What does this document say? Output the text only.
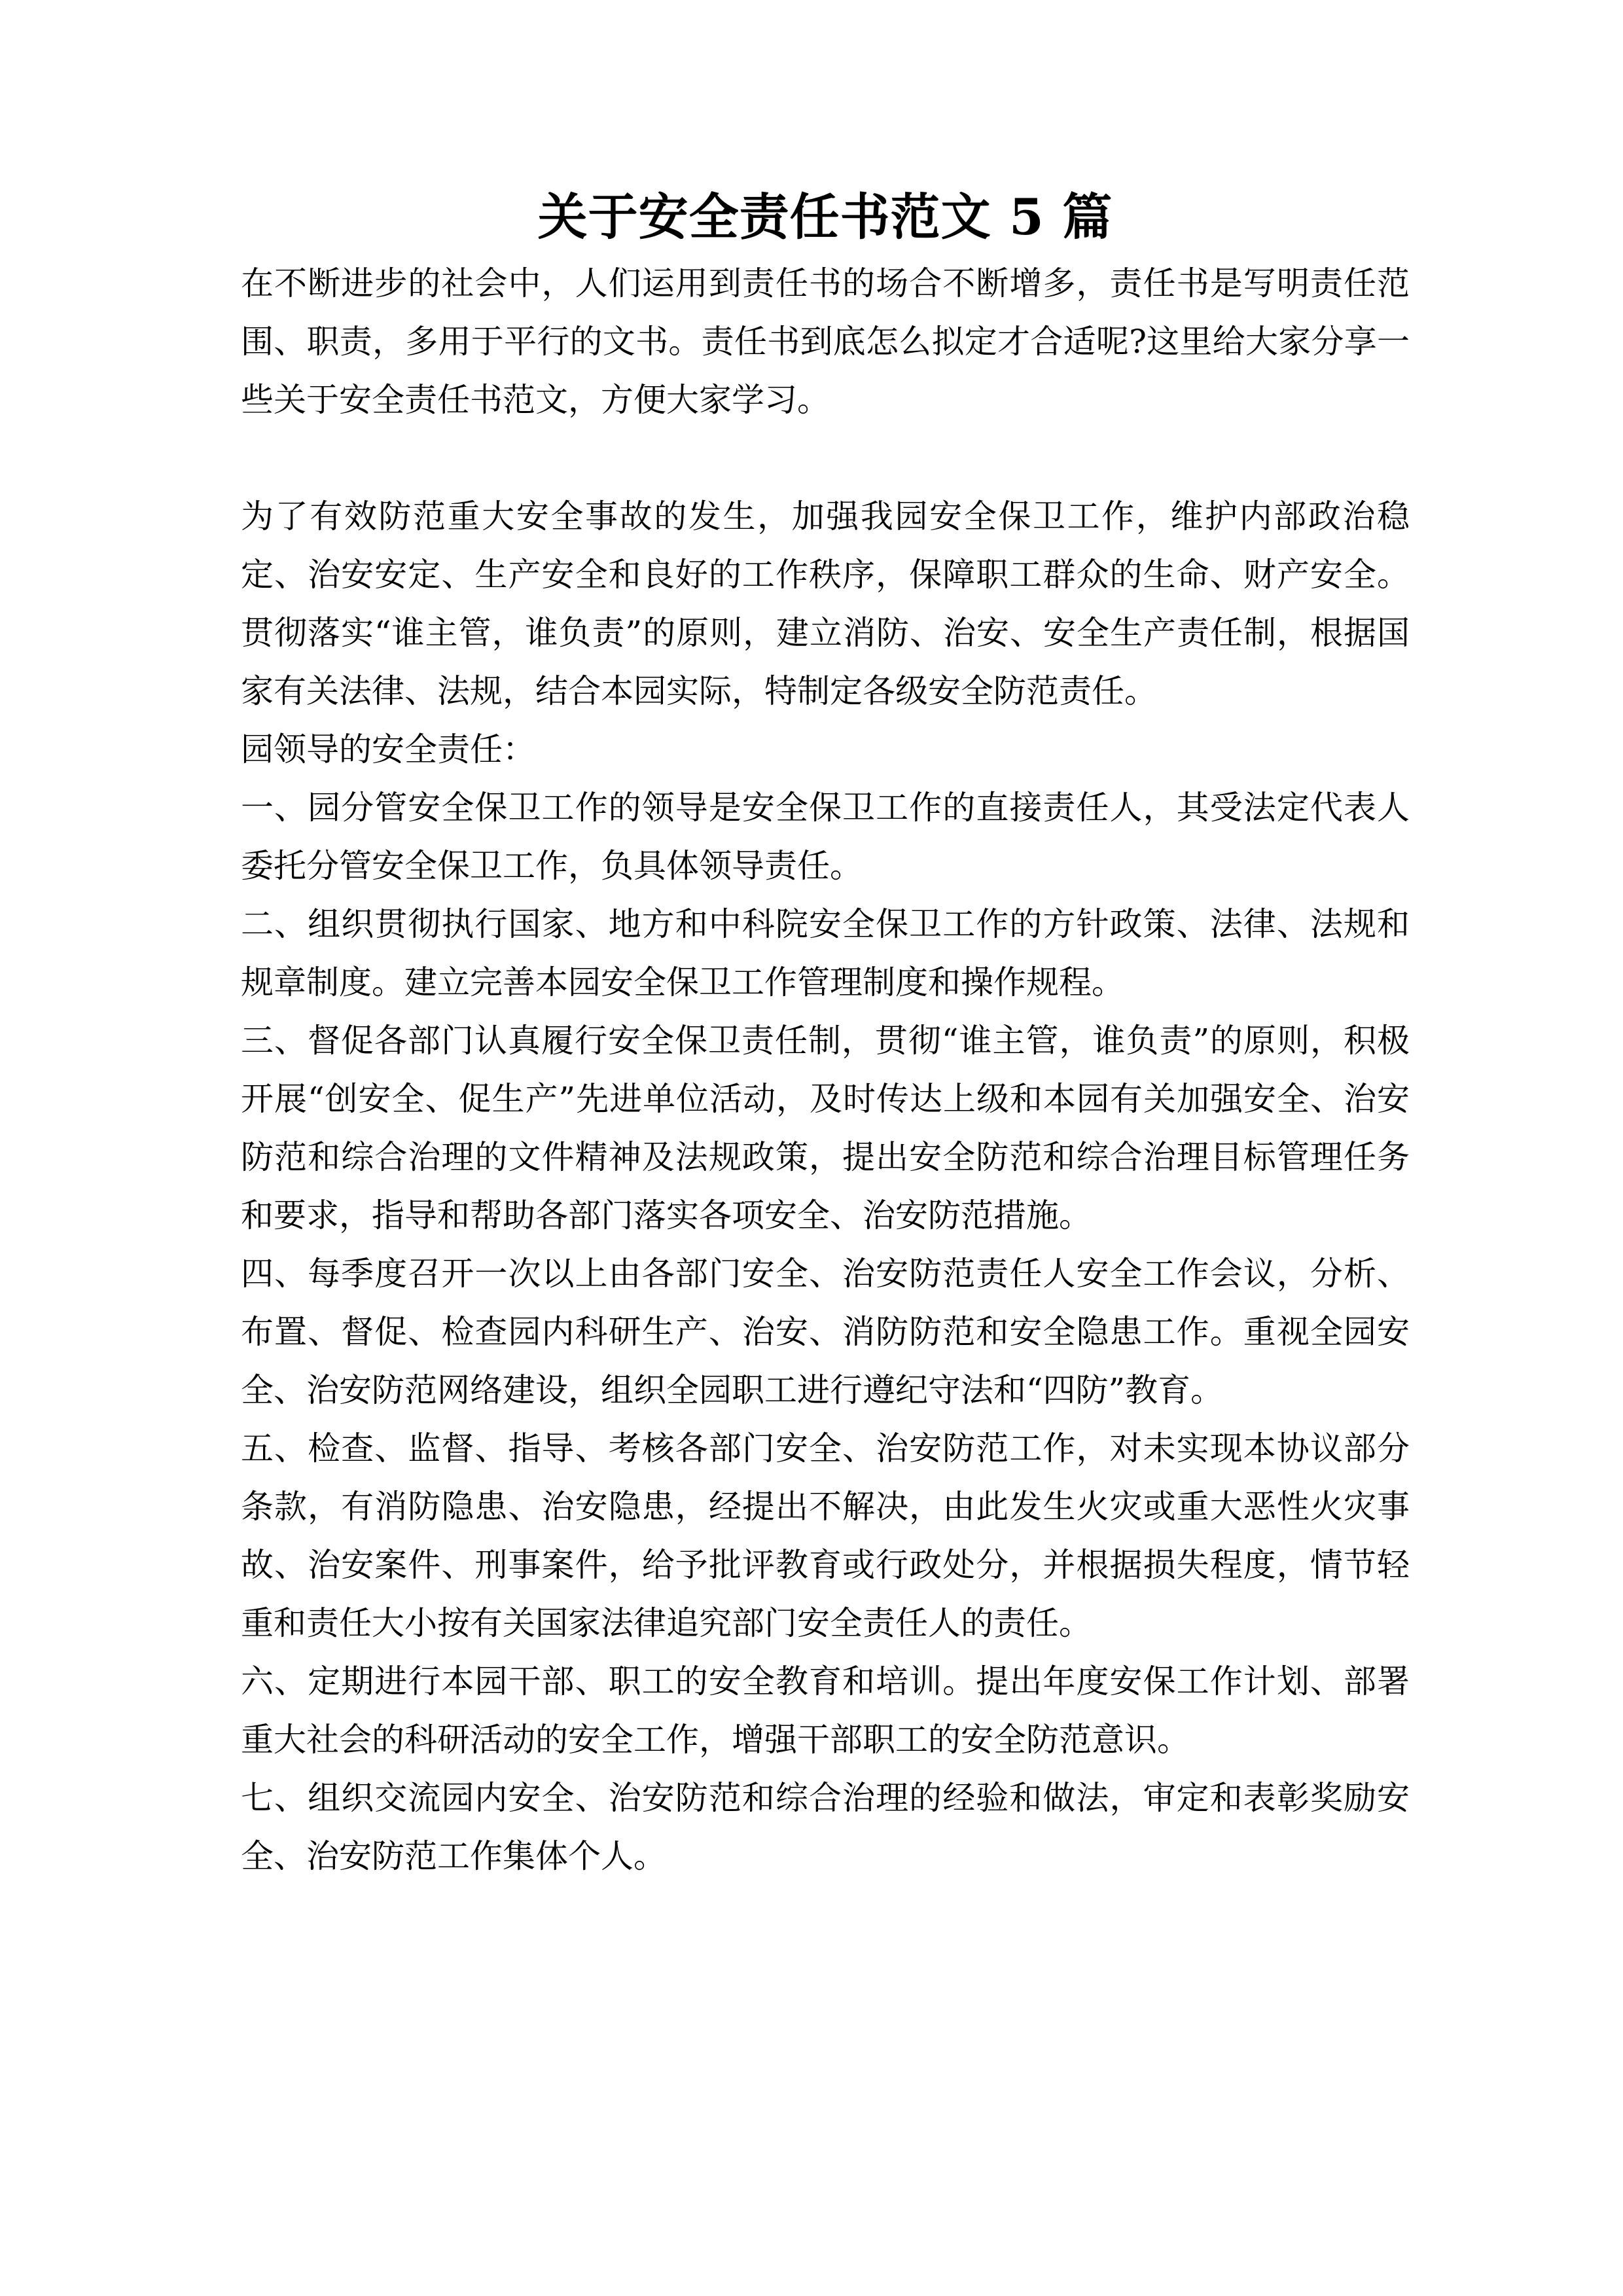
关于安全责任书范文 5 篇

在不断进步的社会中，人们运用到责任书的场合不断增多，责任书是写明责任范围、职责，多用于平行的文书。责任书到底怎么拟定才合适呢?这里给大家分享一些关于安全责任书范文，方便大家学习。

为了有效防范重大安全事故的发生，加强我园安全保卫工作，维护内部政治稳定、治安安定、生产安全和良好的工作秩序，保障职工群众的生命、财产安全。贯彻落实“谁主管，谁负责”的原则，建立消防、治安、安全生产责任制，根据国家有关法律、法规，结合本园实际，特制定各级安全防范责任。

园领导的安全责任：

一、园分管安全保卫工作的领导是安全保卫工作的直接责任人，其受法定代表人委托分管安全保卫工作，负具体领导责任。

二、组织贯彻执行国家、地方和中科院安全保卫工作的方针政策、法律、法规和规章制度。建立完善本园安全保卫工作管理制度和操作规程。

三、督促各部门认真履行安全保卫责任制，贯彻“谁主管，谁负责”的原则，积极开展“创安全、促生产”先进单位活动，及时传达上级和本园有关加强安全、治安防范和综合治理的文件精神及法规政策，提出安全防范和综合治理目标管理任务和要求，指导和帮助各部门落实各项安全、治安防范措施。

四、每季度召开一次以上由各部门安全、治安防范责任人安全工作会议，分析、布置、督促、检查园内科研生产、治安、消防防范和安全隐患工作。重视全园安全、治安防范网络建设，组织全园职工进行遵纪守法和“四防”教育。

五、检查、监督、指导、考核各部门安全、治安防范工作，对未实现本协议部分条款，有消防隐患、治安隐患，经提出不解决，由此发生火灾或重大恶性火灾事故、治安案件、刑事案件，给予批评教育或行政处分，并根据损失程度，情节轻重和责任大小按有关国家法律追究部门安全责任人的责任。

六、定期进行本园干部、职工的安全教育和培训。提出年度安保工作计划、部署重大社会的科研活动的安全工作，增强干部职工的安全防范意识。

七、组织交流园内安全、治安防范和综合治理的经验和做法，审定和表彰奖励安全、治安防范工作集体个人。
